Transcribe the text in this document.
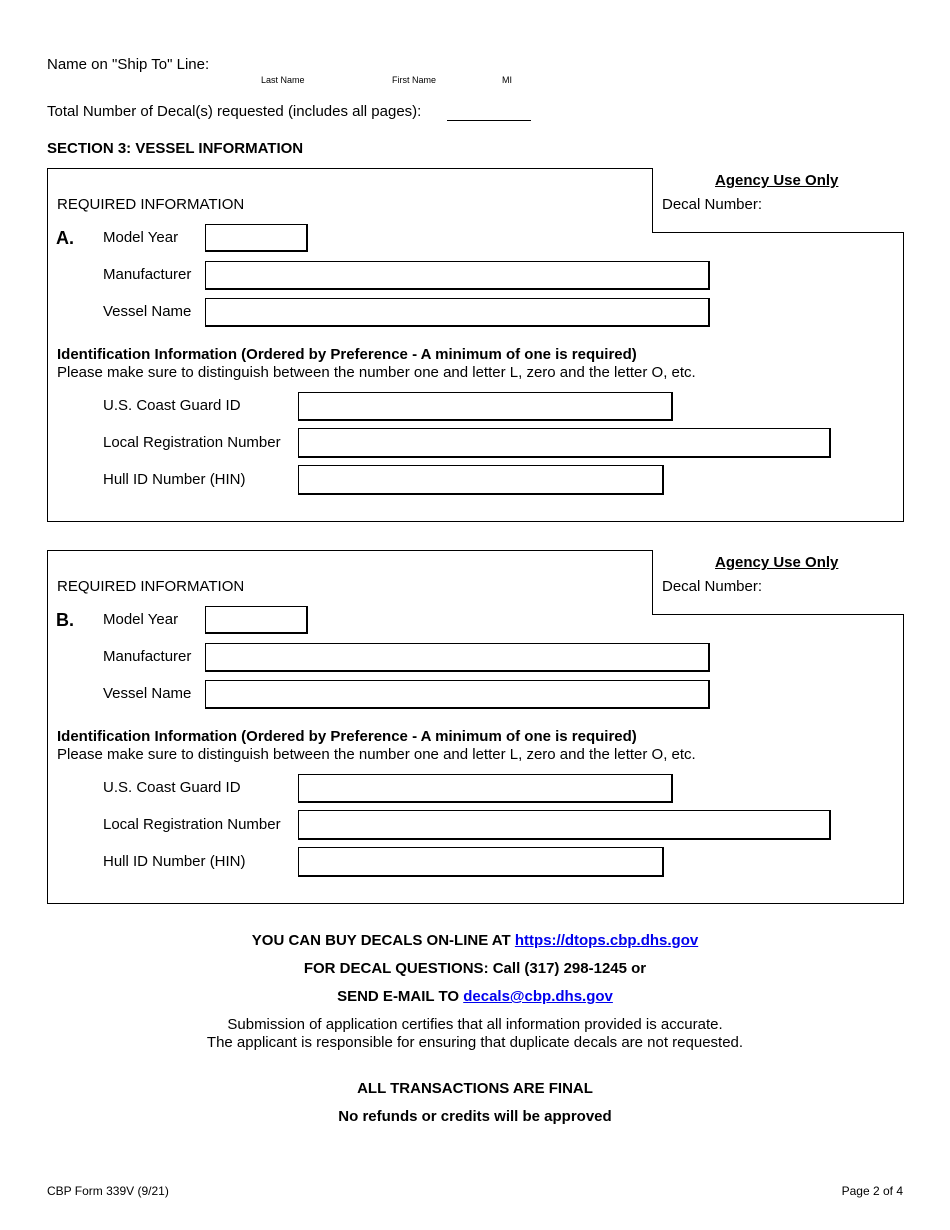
Name on "Ship To" Line:
Last Name	First Name	MI
Total Number of Decal(s) requested (includes all pages):
SECTION 3: VESSEL INFORMATION
Agency Use Only
Decal Number:
REQUIRED INFORMATION
A. Model Year
Manufacturer
Vessel Name
Identification Information (Ordered by Preference - A minimum of one is required)
Please make sure to distinguish between the number one and letter L, zero and the letter O, etc.
U.S. Coast Guard ID
Local Registration Number
Hull ID Number (HIN)
Agency Use Only
Decal Number:
REQUIRED INFORMATION
B. Model Year
Manufacturer
Vessel Name
Identification Information (Ordered by Preference - A minimum of one is required)
Please make sure to distinguish between the number one and letter L, zero and the letter O, etc.
U.S. Coast Guard ID
Local Registration Number
Hull ID Number (HIN)
YOU CAN BUY DECALS ON-LINE AT https://dtops.cbp.dhs.gov
FOR DECAL QUESTIONS: Call (317) 298-1245 or
SEND E-MAIL TO decals@cbp.dhs.gov
Submission of application certifies that all information provided is accurate.
The applicant is responsible for ensuring that duplicate decals are not requested.
ALL TRANSACTIONS ARE FINAL
No refunds or credits will be approved
CBP Form 339V (9/21)	Page 2 of 4
